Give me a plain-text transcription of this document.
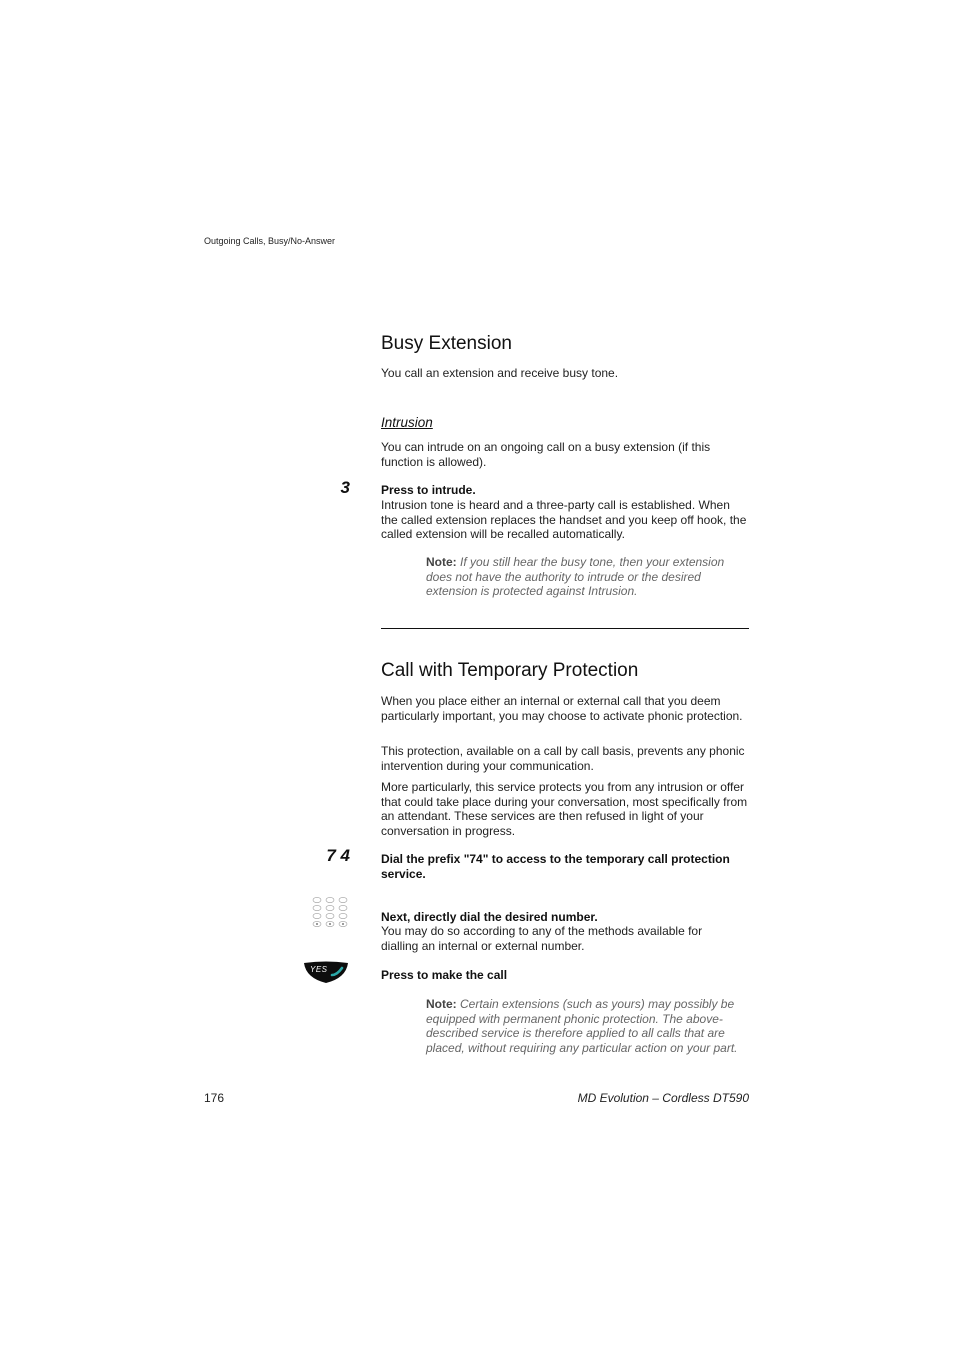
Outgoing Calls, Busy/No-Answer
Busy Extension

You call an extension and receive busy tone.

Intrusion

You can intrude on an ongoing call on a busy extension (if this function is allowed).

3	Press to intrude.

Intrusion tone is heard and a three-party call is established. When the called extension replaces the handset and you keep off hook, the called extension will be recalled automatically.

Note: If you still hear the busy tone, then your extension does not have the authority to intrude or the desired extension is protected against Intrusion.

Call with Temporary Protection

When you place either an internal or external call that you deem particularly important, you may choose to activate phonic protection.

This protection, available on a call by call basis, prevents any phonic intervention during your communication.

More particularly, this service protects you from any intrusion or offer that could take place during your conversation, most specifically from an attendant. These services are then refused in light of your conversation in progress.

7 4	Dial the prefix "74" to access to the temporary call protection service.

Next, directly dial the desired number.

You may do so according to any of the methods available for dialling an internal or external number.

YES	Press to make the call

Note: Certain extensions (such as yours) may possibly be equipped with permanent phonic protection. The above-described service is therefore applied to all calls that are placed, without requiring any particular action on your part.

176	MD Evolution – Cordless DT590
